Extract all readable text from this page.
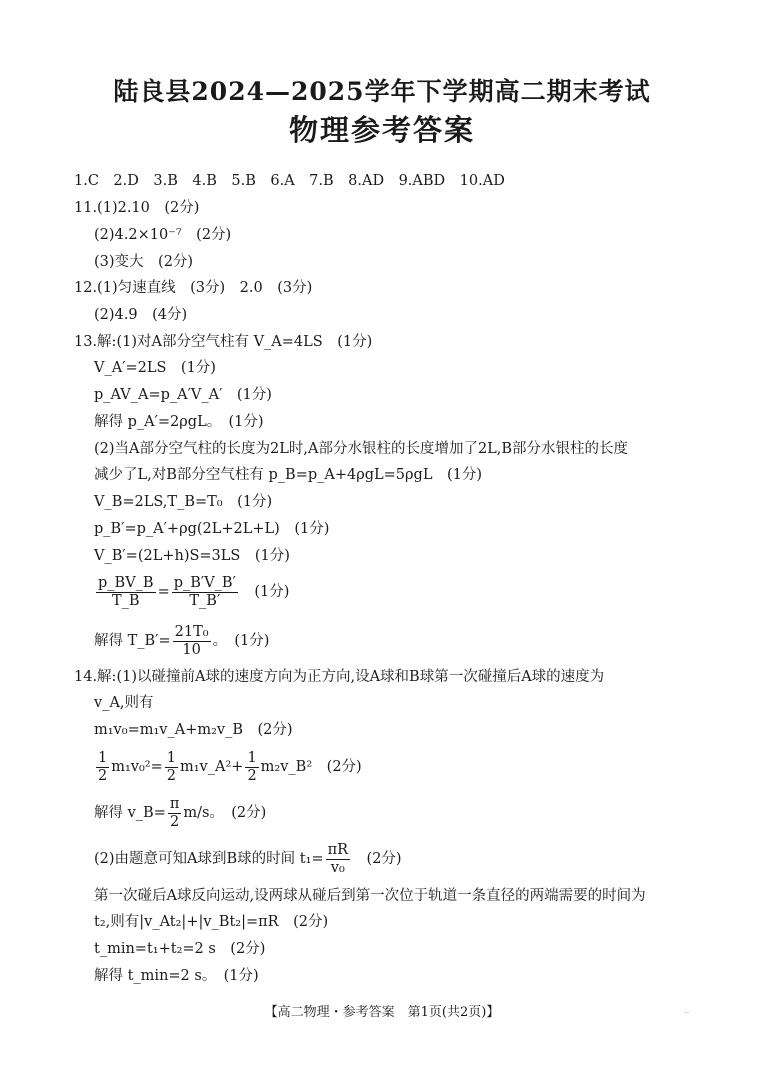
陆良县2024—2025学年下学期高二期末考试
物理参考答案
1.C　2.D　3.B　4.B　5.B　6.A　7.B　8.AD　9.ABD　10.AD
11.(1)2.10　(2分)
(2)4.2×10⁻⁷　(2分)
(3)变大　(2分)
12.(1)匀速直线　(3分)　2.0　(3分)
(2)4.9　(4分)
13.解:(1)对A部分空气柱有 V_A=4LS　(1分)
V_A′=2LS　(1分)
p_AV_A=p_A′V_A′　(1分)
解得 p_A′=2ρgL。　(1分)
(2)当A部分空气柱的长度为2L时,A部分水银柱的长度增加了2L,B部分水银柱的长度
减少了L,对B部分空气柱有 p_B=p_A+4ρgL=5ρgL　(1分)
V_B=2LS,T_B=T₀　(1分)
p_B′=p_A′+ρg(2L+2L+L)　(1分)
V_B′=(2L+h)S=3LS　(1分)
$\frac{p\_BV\_B}{T\_B} = \frac{p\_B'V\_B'}{T\_B'}$
　 (1分)
解得 T_B′= $\frac{\text{21T₀}}{10}$ 。　(1分)
14.解:(1)以碰撞前A球的速度方向为正方向,设A球和B球第一次碰撞后A球的速度为
v_A,则有
m₁v₀=m₁v_A+m₂v_B　(2分)
$\frac{1}{2} m_1v_0^2= \frac{1}{2}$ m₁v_A²+ $\frac{1}{2}$ m₂v_B²　 (2分)
解得 v_B= $\frac{\pi}{2} m/s$。　(2分)
(2)由题意可知A球到B球的时间 $t_1= \frac{\pi R}{\text{v₀}}$
　 (2分)
第一次碰后A球反向运动,设两球从碰后到第一次位于轨道一条直径的两端需要的时间为
t₂,则有|v_At₂|+|v_Bt₂|=πR　(2分)
t_min=t₁+t₂=2 s　(2分)
解得 t_min=2 s。　(1分)
【高二物理・参考答案　第1页(共2页)】	‥
